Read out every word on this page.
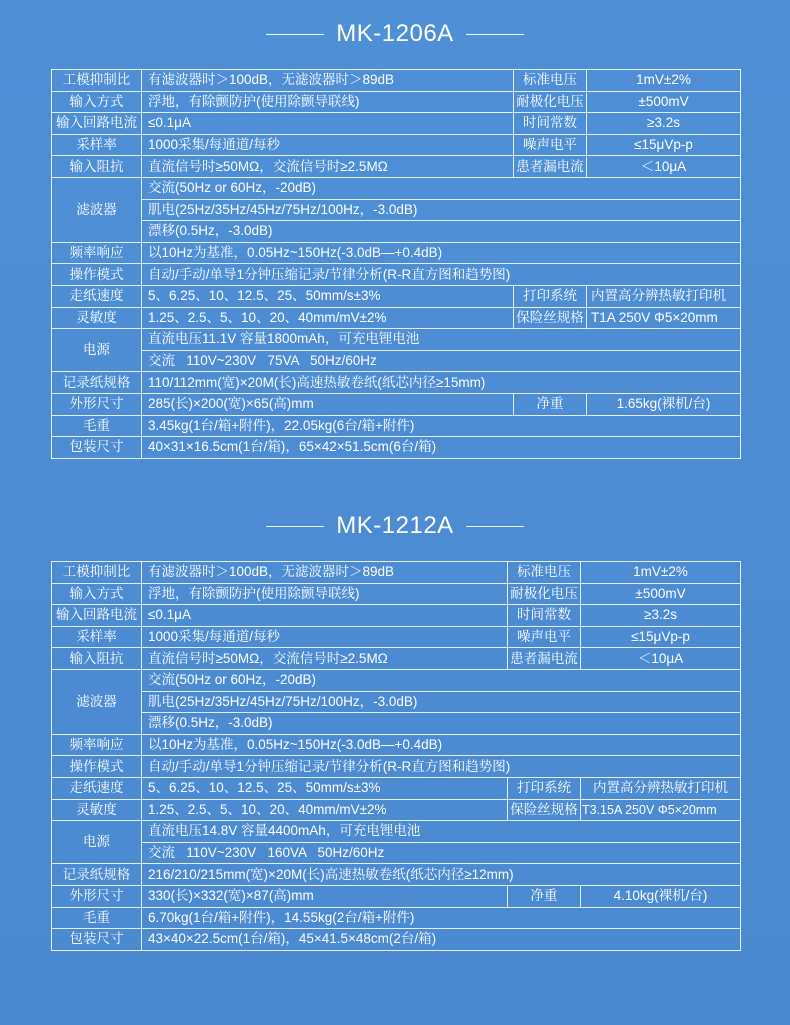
MK-1206A
工模抑制比	有滤波器时＞100dB，无滤波器时＞89dB	标准电压	1mV±2%
输入方式	浮地，有除颤防护(使用除颤导联线)	耐极化电压	±500mV
输入回路电流	≤0.1μA	时间常数	≥3.2s
采样率	1000采集/每通道/每秒	噪声电平	≤15μVp-p
输入阻抗	直流信号时≥50MΩ，交流信号时≥2.5MΩ	患者漏电流	＜10μA
滤波器	交流(50Hz or 60Hz，-20dB)		
	肌电(25Hz/35Hz/45Hz/75Hz/100Hz，-3.0dB)		
	漂移(0.5Hz，-3.0dB)		
频率响应	以10Hz为基准，0.05Hz~150Hz(-3.0dB—+0.4dB)		
操作模式	自动/手动/单导1分钟压缩记录/节律分析(R-R直方图和趋势图)		
走纸速度	5、6.25、10、12.5、25、50mm/s±3%	打印系统	内置高分辨热敏打印机
灵敏度	1.25、2.5、5、10、20、40mm/mV±2%	保险丝规格	T1A 250V Φ5×20mm
电源	直流电压11.1V 容量1800mAh，可充电锂电池		
	交流   110V~230V   75VA   50Hz/60Hz		
记录纸规格	110/112mm(宽)×20M(长)高速热敏卷纸(纸芯内径≥15mm)		
外形尺寸	285(长)×200(宽)×65(高)mm	净重	1.65kg(裸机/台)
毛重	3.45kg(1台/箱+附件)，22.05kg(6台/箱+附件)		
包装尺寸	40×31×16.5cm(1台/箱)，65×42×51.5cm(6台/箱)		
MK-1212A
工模抑制比	有滤波器时＞100dB，无滤波器时＞89dB	标准电压	1mV±2%
输入方式	浮地，有除颤防护(使用除颤导联线)	耐极化电压	±500mV
输入回路电流	≤0.1μA	时间常数	≥3.2s
采样率	1000采集/每通道/每秒	噪声电平	≤15μVp-p
输入阻抗	直流信号时≥50MΩ，交流信号时≥2.5MΩ	患者漏电流	＜10μA
滤波器	交流(50Hz or 60Hz，-20dB)		
	肌电(25Hz/35Hz/45Hz/75Hz/100Hz，-3.0dB)		
	漂移(0.5Hz，-3.0dB)		
频率响应	以10Hz为基准，0.05Hz~150Hz(-3.0dB—+0.4dB)		
操作模式	自动/手动/单导1分钟压缩记录/节律分析(R-R直方图和趋势图)		
走纸速度	5、6.25、10、12.5、25、50mm/s±3%	打印系统	内置高分辨热敏打印机
灵敏度	1.25、2.5、5、10、20、40mm/mV±2%	保险丝规格	T3.15A 250V Φ5×20mm
电源	直流电压14.8V 容量4400mAh，可充电锂电池		
	交流   110V~230V   160VA   50Hz/60Hz		
记录纸规格	216/210/215mm(宽)×20M(长)高速热敏卷纸(纸芯内径≥12mm)		
外形尺寸	330(长)×332(宽)×87(高)mm	净重	4.10kg(裸机/台)
毛重	6.70kg(1台/箱+附件)，14.55kg(2台/箱+附件)		
包装尺寸	43×40×22.5cm(1台/箱)，45×41.5×48cm(2台/箱)		
